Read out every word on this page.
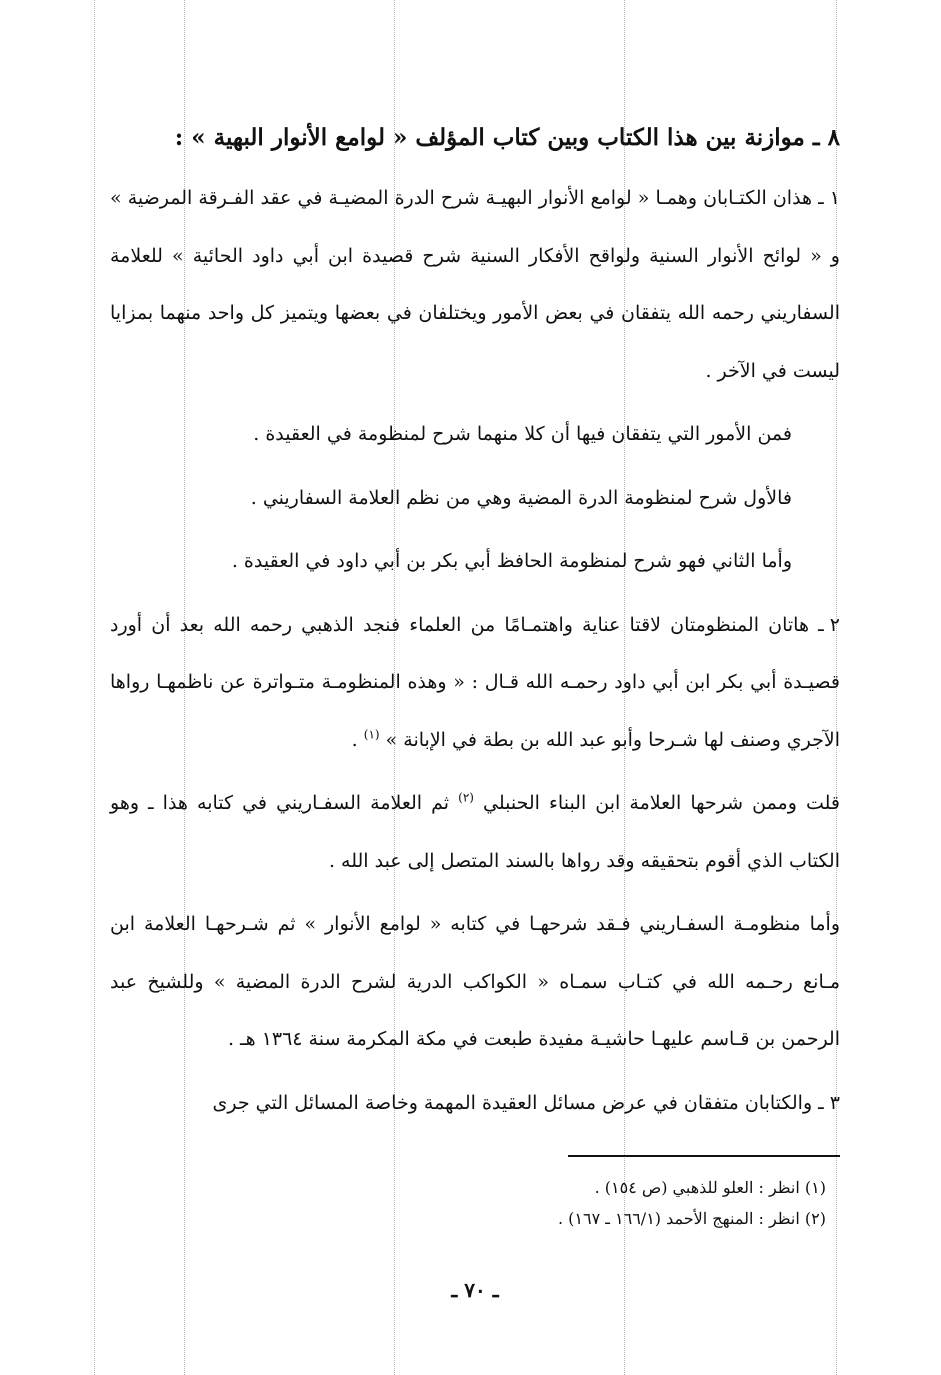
٨ ـ موازنة بين هذا الكتاب وبين كتاب المؤلف « لوامع الأنوار البهية » :

١ ـ هذان الكتـابان وهمـا « لوامع الأنوار البهيـة شرح الدرة المضيـة في عقد الفـرقة المرضية » و « لوائح الأنوار السنية ولواقح الأفكار السنية شرح قصيدة ابن أبي داود الحائية » للعلامة السفاريني رحمه الله يتفقان في بعض الأمور ويختلفان في بعضها ويتميز كل واحد منهما بمزايا ليست في الآخر .

فمن الأمور التي يتفقان فيها أن كلا منهما شرح لمنظومة في العقيدة .

فالأول شرح لمنظومة الدرة المضية وهي من نظم العلامة السفاريني .

وأما الثاني فهو شرح لمنظومة الحافظ أبي بكر بن أبي داود في العقيدة .

٢ ـ هاتان المنظومتان لاقتا عناية واهتمـامًا من العلماء فنجد الذهبي رحمه الله بعد أن أورد قصيـدة أبي بكر ابن أبي داود رحمـه الله قـال : « وهذه المنظومـة متـواترة عن ناظمهـا رواها الآجري وصنف لها شـرحا وأبو عبد الله بن بطة في الإبانة » $^{(١)}$ .

قلت وممن شرحها العلامة ابن البناء الحنبلي $^{(٢)}$ ثم العلامة السفـاريني في كتابه هذا ـ وهو الكتاب الذي أقوم بتحقيقه وقد رواها بالسند المتصل إلى عبد الله .

وأما منظومـة السفـاريني فـقد شرحهـا في كتابه « لوامع الأنوار » ثم شـرحهـا العلامة ابن مـانع رحـمه الله في كتـاب سمـاه « الكواكب الدرية لشرح الدرة المضية » وللشيخ عبد الرحمن بن قـاسم عليهـا حاشيـة مفيدة طبعت في مكة المكرمة سنة ١٣٦٤ هـ .

٣ ـ والكتابان متفقان في عرض مسائل العقيدة المهمة وخاصة المسائل التي جرى

(١) انظر : العلو للذهبي (ص ١٥٤) .

(٢) انظر : المنهج الأحمد (١٦٦/١ ـ ١٦٧) .

ـ ٧٠ ـ
